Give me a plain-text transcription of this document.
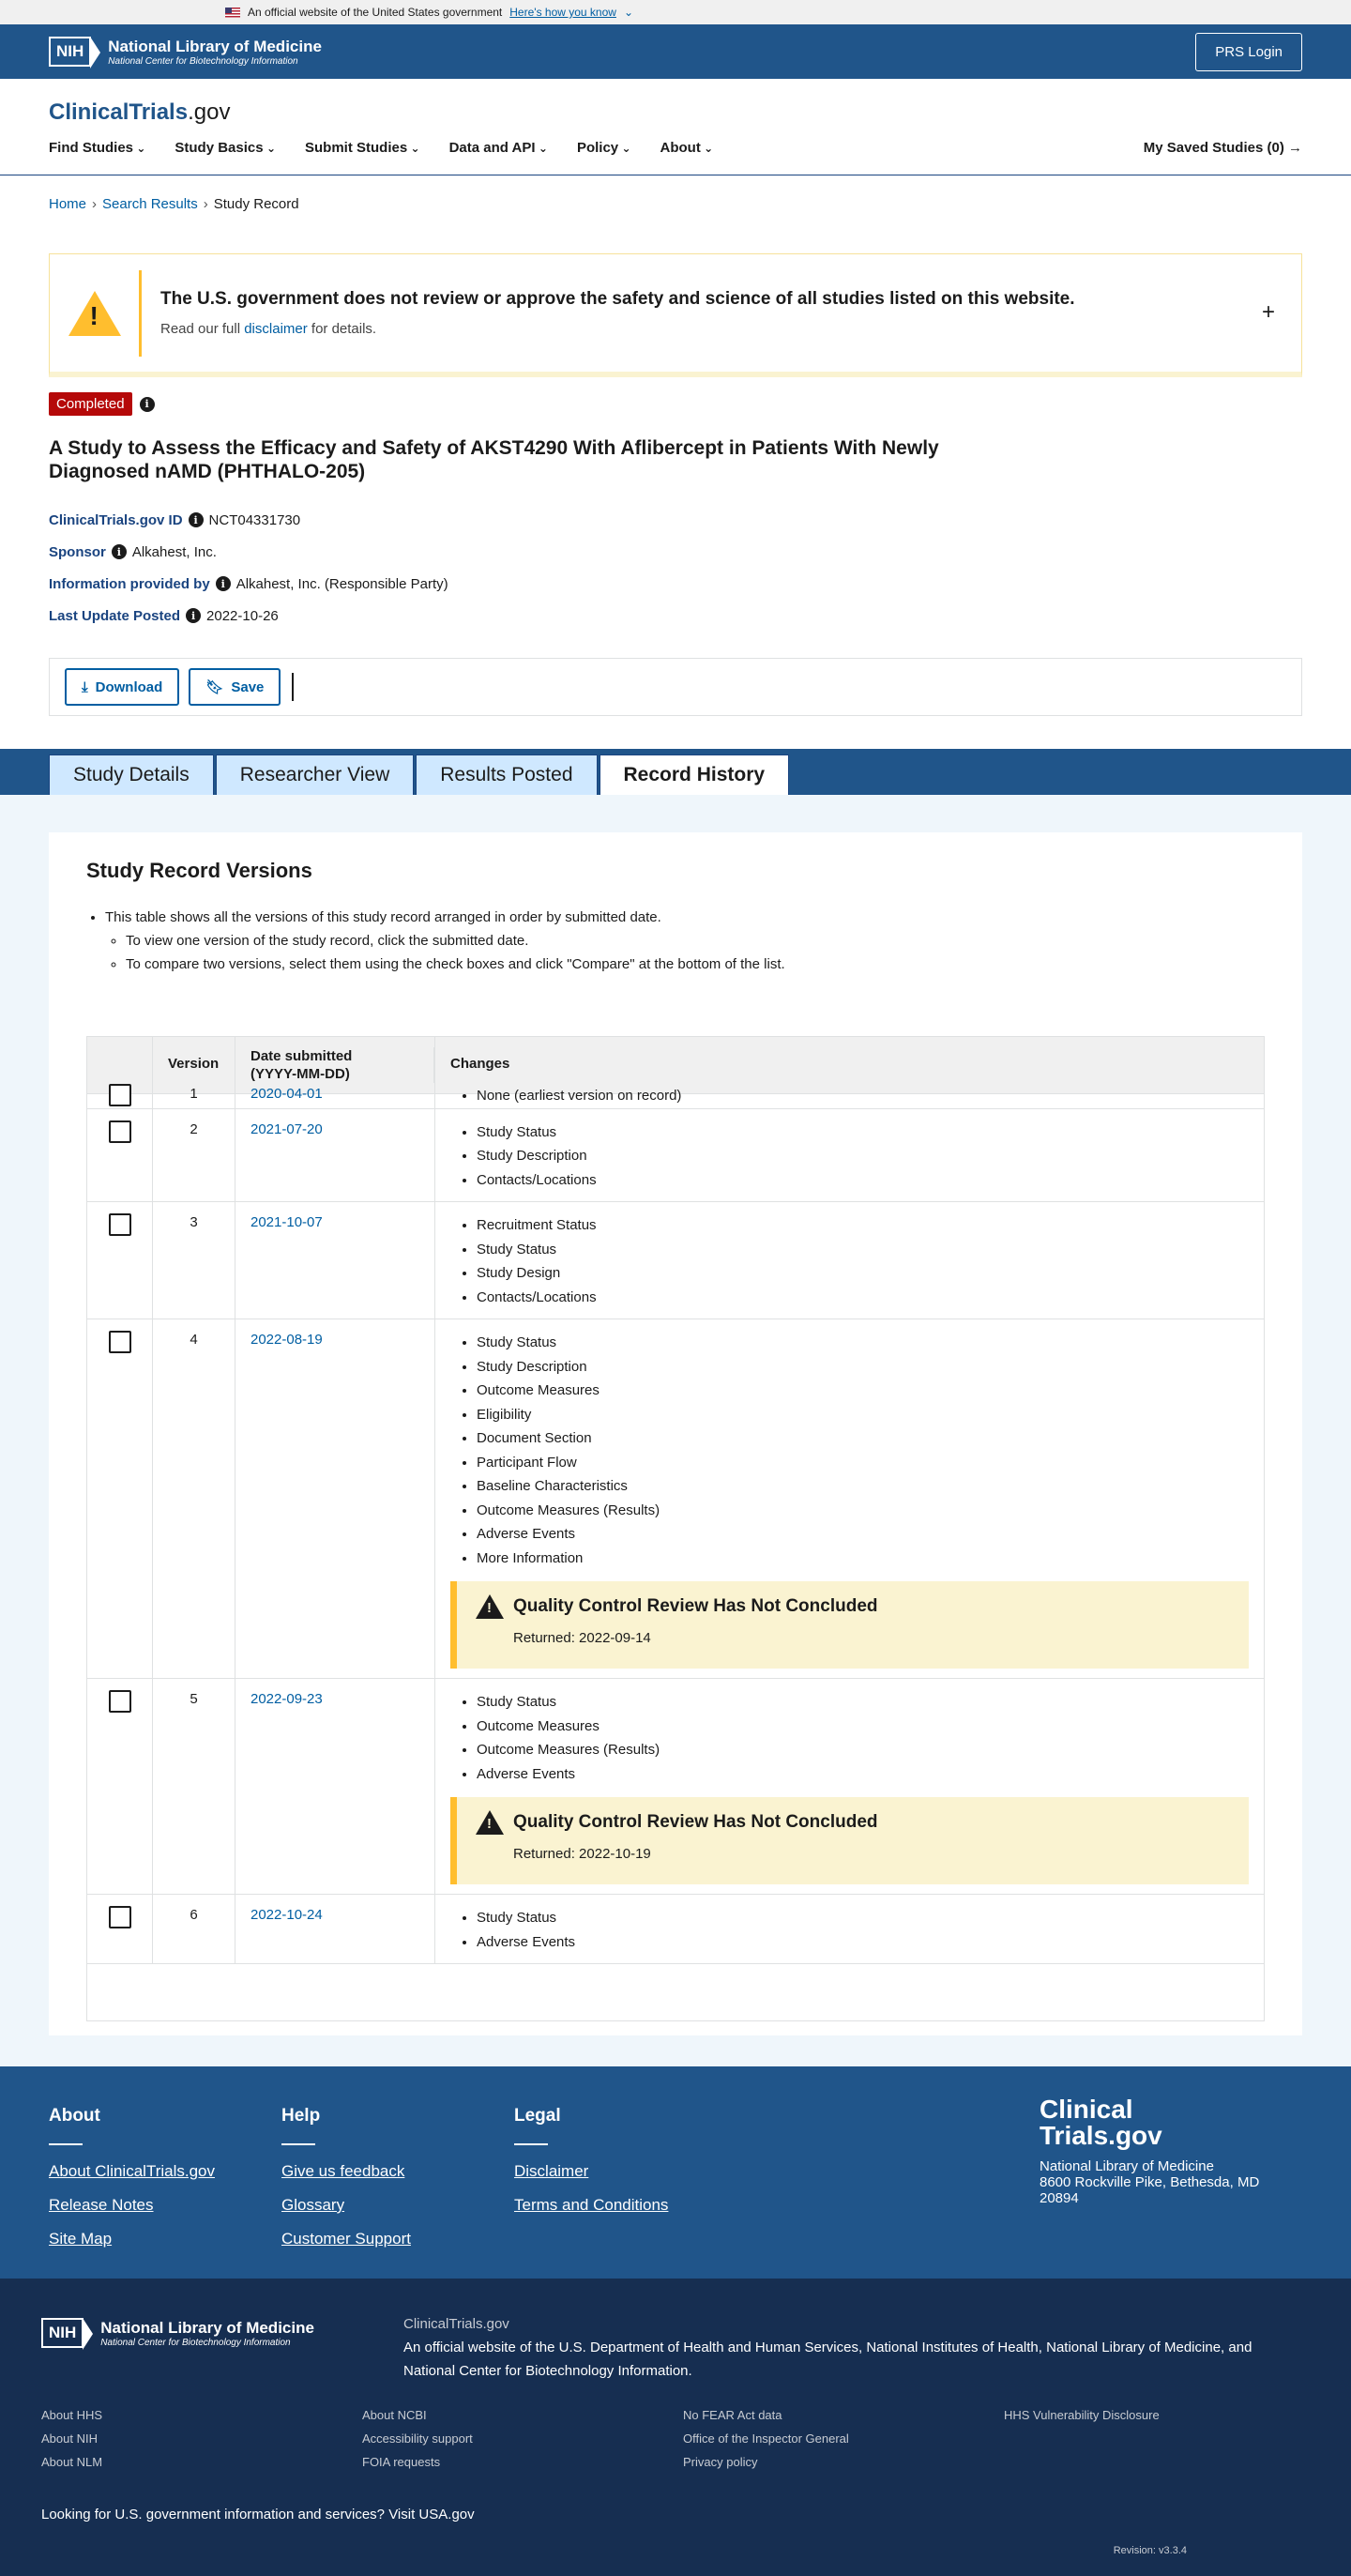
An official website of the United States government Here's how you know ⌄
NIH	National Library of Medicine
National Center for Biotechnology Information
PRS Login
ClinicalTrials.gov
Find Studies ⌄	Study Basics ⌄	Submit Studies ⌄	Data and API ⌄	Policy ⌄	About ⌄	My Saved Studies (0) →
Home › Search Results › Study Record
!
The U.S. government does not review or approve the safety and science of all studies listed on this website.
Read our full disclaimer for details.
+
Completed	i
A Study to Assess the Efficacy and Safety of AKST4290 With Aflibercept in Patients With Newly Diagnosed nAMD (PHTHALO-205)
ClinicalTrials.gov ID	i NCT04331730
Sponsor	i Alkahest, Inc.
Information provided by	i Alkahest, Inc. (Responsible Party)
Last Update Posted	i 2022-10-26
⤓ Download	🔖︎ Save
Study Details	Researcher View	Results Posted	Record History
Study Record Versions
• This table shows all the versions of this study record arranged in order by submitted date.
◦ To view one version of the study record, click the submitted date.
◦ To compare two versions, select them using the check boxes and click "Compare" at the bottom of the list.
Version	Date submitted
(YYYY-MM-DD)
Changes
1	2020-04-01	• None (earliest version on record)
2	2021-07-20	• Study Status
• Study Description
• Contacts/Locations
3	2021-10-07	• Recruitment Status
• Study Status
• Study Design
• Contacts/Locations
4	2022-08-19	• Study Status
• Study Description
• Outcome Measures
• Eligibility
• Document Section
• Participant Flow
• Baseline Characteristics
• Outcome Measures (Results)
• Adverse Events
• More Information
! Quality Control Review Has Not Concluded
Returned: 2022-09-14
5	2022-09-23	• Study Status
• Outcome Measures
• Outcome Measures (Results)
• Adverse Events
! Quality Control Review Has Not Concluded
Returned: 2022-10-19
6	2022-10-24	• Study Status
• Adverse Events
About
About ClinicalTrials.gov
Release Notes
Site Map
Help
Give us feedback
Glossary
Customer Support
Legal
Disclaimer
Terms and Conditions
Clinical
Trials.gov
National Library of Medicine
8600 Rockville Pike, Bethesda, MD
20894
NIH	National Library of Medicine
National Center for Biotechnology Information
ClinicalTrials.gov
An official website of the U.S. Department of Health and Human Services, National Institutes of Health, National Library of Medicine, and National Center for Biotechnology Information.
About HHS	About NCBI	No FEAR Act data	HHS Vulnerability Disclosure
About NIH	Accessibility support	Office of the Inspector General
About NLM	FOIA requests	Privacy policy
Looking for U.S. government information and services? Visit USA.gov
Revision: v3.3.4
